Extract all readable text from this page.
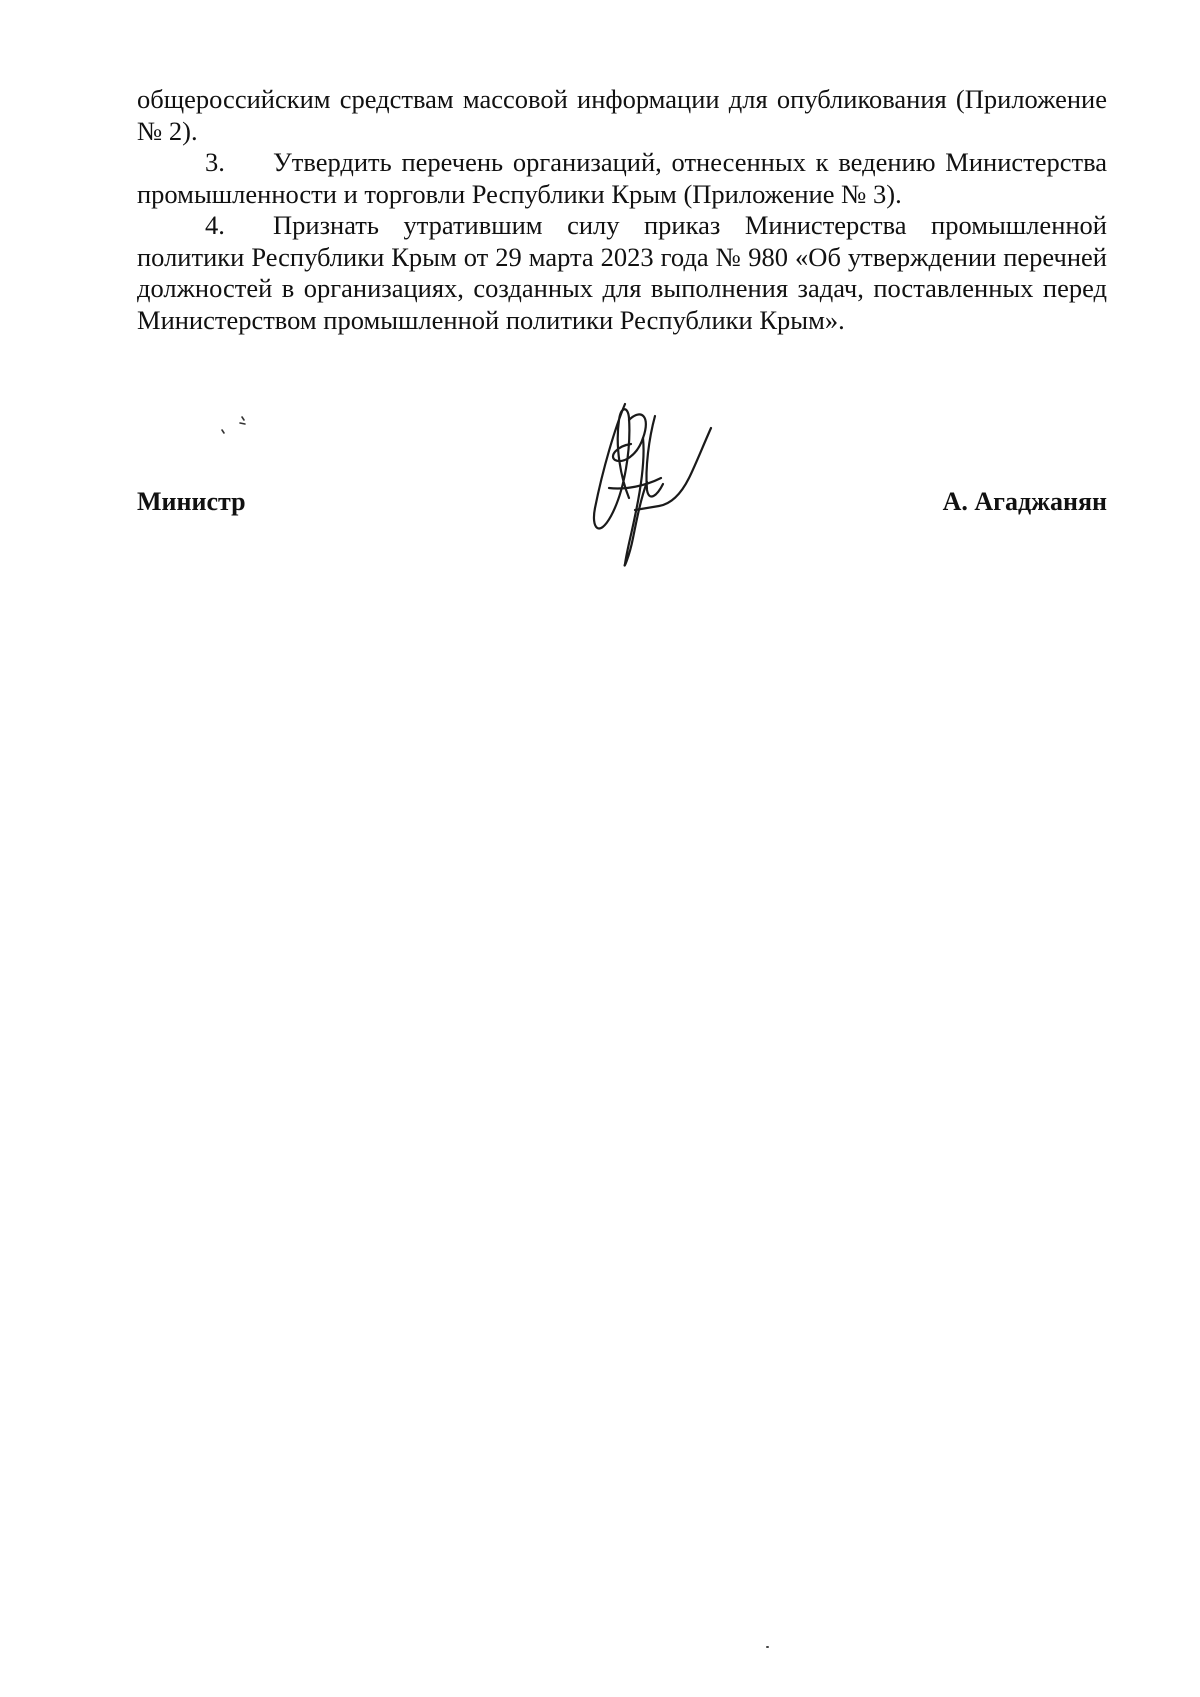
общероссийским средствам массовой информации для опубликования (Приложение № 2).

3. Утвердить перечень организаций, отнесенных к ведению Министерства промышленности и торговли Республики Крым (Приложение № 3).

4. Признать утратившим силу приказ Министерства промышленной политики Республики Крым от 29 марта 2023 года № 980 «Об утверждении перечней должностей в организациях, созданных для выполнения задач, поставленных перед Министерством промышленной политики Республики Крым».

Министр	А. Агаджанян
